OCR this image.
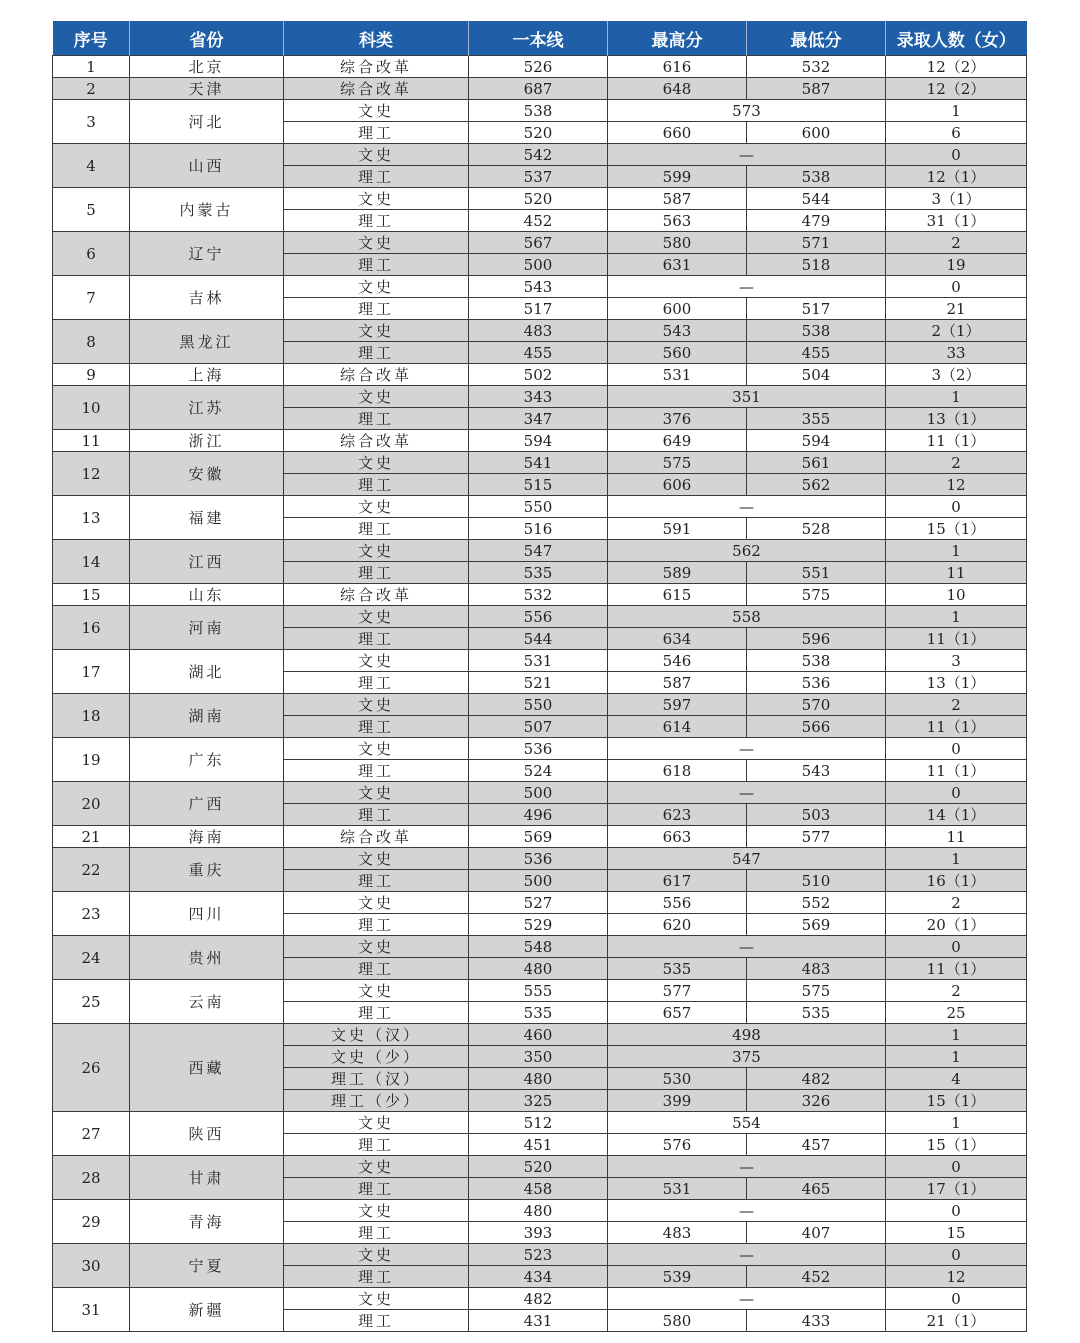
序号	省份	科类	一本线	最高分	最低分	录取人数（女）
1	北京	综合改革	526	616	532	12（2）
2	天津	综合改革	687	648	587	12（2）
3	河北	文史	538	573		1
		理工	520	660	600	6
4	山西	文史	542	—		0
		理工	537	599	538	12（1）
5	内蒙古	文史	520	587	544	3（1）
		理工	452	563	479	31（1）
6	辽宁	文史	567	580	571	2
		理工	500	631	518	19
7	吉林	文史	543	—		0
		理工	517	600	517	21
8	黑龙江	文史	483	543	538	2（1）
		理工	455	560	455	33
9	上海	综合改革	502	531	504	3（2）
10	江苏	文史	343	351		1
		理工	347	376	355	13（1）
11	浙江	综合改革	594	649	594	11（1）
12	安徽	文史	541	575	561	2
		理工	515	606	562	12
13	福建	文史	550	—		0
		理工	516	591	528	15（1）
14	江西	文史	547	562		1
		理工	535	589	551	11
15	山东	综合改革	532	615	575	10
16	河南	文史	556	558		1
		理工	544	634	596	11（1）
17	湖北	文史	531	546	538	3
		理工	521	587	536	13（1）
18	湖南	文史	550	597	570	2
		理工	507	614	566	11（1）
19	广东	文史	536	—		0
		理工	524	618	543	11（1）
20	广西	文史	500	—		0
		理工	496	623	503	14（1）
21	海南	综合改革	569	663	577	11
22	重庆	文史	536	547		1
		理工	500	617	510	16（1）
23	四川	文史	527	556	552	2
		理工	529	620	569	20（1）
24	贵州	文史	548	—		0
		理工	480	535	483	11（1）
25	云南	文史	555	577	575	2
		理工	535	657	535	25
26	西藏	文史（汉）	460	498		1
		文史（少）	350	375		1
		理工（汉）	480	530	482	4
		理工（少）	325	399	326	15（1）
27	陕西	文史	512	554		1
		理工	451	576	457	15（1）
28	甘肃	文史	520	—		0
		理工	458	531	465	17（1）
29	青海	文史	480	—		0
		理工	393	483	407	15
30	宁夏	文史	523	—		0
		理工	434	539	452	12
31	新疆	文史	482	—		0
		理工	431	580	433	21（1）
